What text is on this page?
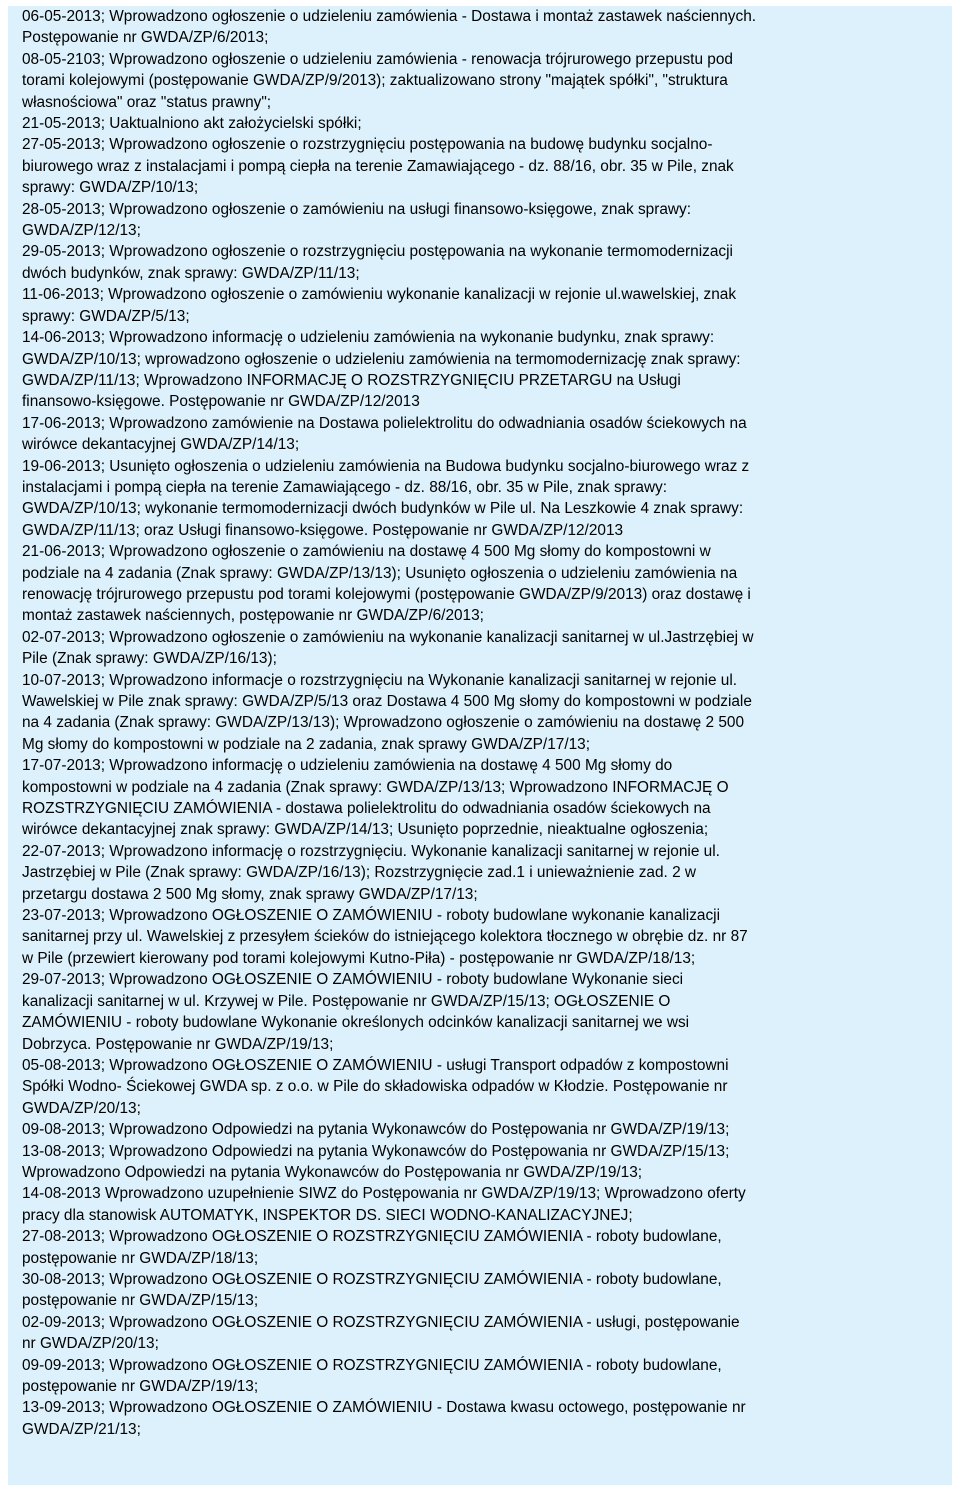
06-05-2013; Wprowadzono ogłoszenie o udzieleniu zamówienia - Dostawa i montaż zastawek naściennych.
Postępowanie nr GWDA/ZP/6/2013;
08-05-2103; Wprowadzono ogłoszenie o udzieleniu zamówienia - renowacja trójrurowego przepustu pod
torami kolejowymi (postępowanie GWDA/ZP/9/2013); zaktualizowano strony "majątek spółki", "struktura
własnościowa" oraz "status prawny";
21-05-2013; Uaktualniono akt założycielski spółki;
27-05-2013; Wprowadzono ogłoszenie o rozstrzygnięciu postępowania na budowę budynku socjalno-
biurowego wraz z instalacjami i pompą ciepła na terenie Zamawiającego - dz. 88/16, obr. 35 w Pile, znak
sprawy: GWDA/ZP/10/13;
28-05-2013; Wprowadzono ogłoszenie o zamówieniu na usługi finansowo-księgowe, znak sprawy:
GWDA/ZP/12/13;
29-05-2013; Wprowadzono ogłoszenie o rozstrzygnięciu postępowania na wykonanie termomodernizacji
dwóch budynków, znak sprawy: GWDA/ZP/11/13;
11-06-2013; Wprowadzono ogłoszenie o zamówieniu wykonanie kanalizacji w rejonie ul.wawelskiej, znak
sprawy: GWDA/ZP/5/13;
14-06-2013; Wprowadzono informację o udzieleniu zamówienia na wykonanie budynku, znak sprawy:
GWDA/ZP/10/13; wprowadzono ogłoszenie o udzieleniu zamówienia na termomodernizację znak sprawy:
GWDA/ZP/11/13; Wprowadzono INFORMACJĘ O ROZSTRZYGNIĘCIU PRZETARGU na Usługi
finansowo-księgowe. Postępowanie nr GWDA/ZP/12/2013
17-06-2013; Wprowadzono zamówienie na Dostawa polielektrolitu do odwadniania osadów ściekowych na
wirówce dekantacyjnej GWDA/ZP/14/13;
19-06-2013; Usunięto ogłoszenia o udzieleniu zamówienia na Budowa budynku socjalno-biurowego wraz z
instalacjami i pompą ciepła na terenie Zamawiającego - dz. 88/16, obr. 35 w Pile, znak sprawy:
GWDA/ZP/10/13; wykonanie termomodernizacji dwóch budynków w Pile ul. Na Leszkowie 4 znak sprawy:
GWDA/ZP/11/13; oraz Usługi finansowo-księgowe. Postępowanie nr GWDA/ZP/12/2013
21-06-2013; Wprowadzono ogłoszenie o zamówieniu na dostawę 4 500 Mg słomy do kompostowni w
podziale na 4 zadania (Znak sprawy: GWDA/ZP/13/13); Usunięto ogłoszenia o udzieleniu zamówienia na
renowację trójrurowego przepustu pod torami kolejowymi (postępowanie GWDA/ZP/9/2013) oraz dostawę i
montaż zastawek naściennych, postępowanie nr GWDA/ZP/6/2013;
02-07-2013; Wprowadzono ogłoszenie o zamówieniu na wykonanie kanalizacji sanitarnej w ul.Jastrzębiej w
Pile (Znak sprawy: GWDA/ZP/16/13);
10-07-2013; Wprowadzono informacje o rozstrzygnięciu na Wykonanie kanalizacji sanitarnej w rejonie ul.
Wawelskiej w Pile znak sprawy: GWDA/ZP/5/13 oraz Dostawa 4 500 Mg słomy do kompostowni w podziale
na 4 zadania (Znak sprawy: GWDA/ZP/13/13); Wprowadzono ogłoszenie o zamówieniu na dostawę 2 500
Mg słomy do kompostowni w podziale na 2 zadania, znak sprawy GWDA/ZP/17/13;
17-07-2013; Wprowadzono informację o udzieleniu zamówienia na dostawę 4 500 Mg słomy do
kompostowni w podziale na 4 zadania (Znak sprawy: GWDA/ZP/13/13; Wprowadzono INFORMACJĘ O
ROZSTRZYGNIĘCIU ZAMÓWIENIA - dostawa polielektrolitu do odwadniania osadów ściekowych na
wirówce dekantacyjnej znak sprawy: GWDA/ZP/14/13; Usunięto poprzednie, nieaktualne ogłoszenia;
22-07-2013; Wprowadzono informację o rozstrzygnięciu. Wykonanie kanalizacji sanitarnej w rejonie ul.
Jastrzębiej w Pile (Znak sprawy: GWDA/ZP/16/13); Rozstrzygnięcie zad.1 i unieważnienie zad. 2 w
przetargu dostawa 2 500 Mg słomy, znak sprawy GWDA/ZP/17/13;
23-07-2013; Wprowadzono OGŁOSZENIE O ZAMÓWIENIU - roboty budowlane wykonanie kanalizacji
sanitarnej przy ul. Wawelskiej z przesyłem ścieków do istniejącego kolektora tłocznego w obrębie dz. nr 87
w Pile (przewiert kierowany pod torami kolejowymi Kutno-Piła) - postępowanie nr GWDA/ZP/18/13;
29-07-2013; Wprowadzono OGŁOSZENIE O ZAMÓWIENIU - roboty budowlane Wykonanie sieci
kanalizacji sanitarnej w ul. Krzywej w Pile. Postępowanie nr GWDA/ZP/15/13; OGŁOSZENIE O
ZAMÓWIENIU - roboty budowlane Wykonanie określonych odcinków kanalizacji sanitarnej we wsi
Dobrzyca. Postępowanie nr GWDA/ZP/19/13;
05-08-2013; Wprowadzono OGŁOSZENIE O ZAMÓWIENIU - usługi Transport odpadów z kompostowni
Spółki Wodno- Ściekowej GWDA sp. z o.o. w Pile do składowiska odpadów w Kłodzie. Postępowanie nr
GWDA/ZP/20/13;
09-08-2013; Wprowadzono Odpowiedzi na pytania Wykonawców do Postępowania nr GWDA/ZP/19/13;
13-08-2013; Wprowadzono Odpowiedzi na pytania Wykonawców do Postępowania nr GWDA/ZP/15/13;
Wprowadzono Odpowiedzi na pytania Wykonawców do Postępowania nr GWDA/ZP/19/13;
14-08-2013 Wprowadzono uzupełnienie SIWZ do Postępowania nr GWDA/ZP/19/13; Wprowadzono oferty
pracy dla stanowisk AUTOMATYK, INSPEKTOR DS. SIECI WODNO-KANALIZACYJNEJ;
27-08-2013; Wprowadzono OGŁOSZENIE O ROZSTRZYGNIĘCIU ZAMÓWIENIA - roboty budowlane,
postępowanie nr GWDA/ZP/18/13;
30-08-2013; Wprowadzono OGŁOSZENIE O ROZSTRZYGNIĘCIU ZAMÓWIENIA - roboty budowlane,
postępowanie nr GWDA/ZP/15/13;
02-09-2013; Wprowadzono OGŁOSZENIE O ROZSTRZYGNIĘCIU ZAMÓWIENIA - usługi, postępowanie
nr GWDA/ZP/20/13;
09-09-2013; Wprowadzono OGŁOSZENIE O ROZSTRZYGNIĘCIU ZAMÓWIENIA - roboty budowlane,
postępowanie nr GWDA/ZP/19/13;
13-09-2013; Wprowadzono OGŁOSZENIE O ZAMÓWIENIU - Dostawa kwasu octowego, postępowanie nr
GWDA/ZP/21/13;
